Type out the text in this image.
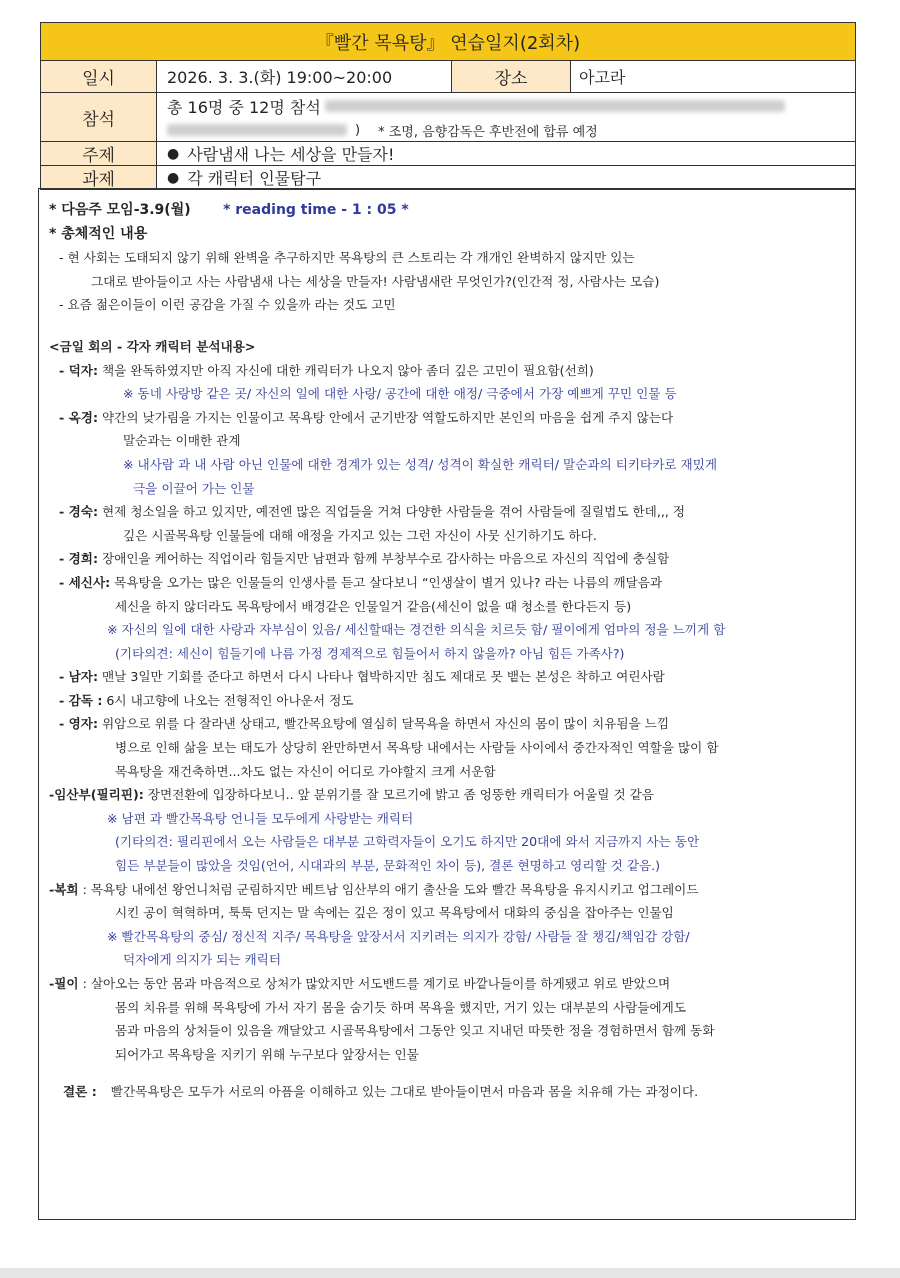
『빨간 목욕탕』 연습일지(2회차)
일시	2026. 3. 3.(화) 19:00~20:00	장소	아고라
참석
총 16명 중 12명 참석
) * 조명, 음향감독은 후반전에 합류 예정
주제	● 사람냄새 나는 세상을 만들자!
과제	● 각 캐릭터 인물탐구
* 다음주 모임-3.9(월) * reading time - 1 : 05 *
* 총체적인 내용
- 현 사회는 도태되지 않기 위해 완벽을 추구하지만 목욕탕의 큰 스토리는 각 개개인 완벽하지 않지만 있는
그대로 받아들이고 사는 사람냄새 나는 세상을 만들자! 사람냄새란 무엇인가?(인간적 정, 사람사는 모습)
- 요즘 젊은이들이 이런 공감을 가질 수 있을까 라는 것도 고민
<금일 회의 - 각자 캐릭터 분석내용>
- 덕자: 책을 완독하였지만 아직 자신에 대한 캐릭터가 나오지 않아 좀더 깊은 고민이 필요함(선희)
※ 동네 사랑방 같은 곳/ 자신의 일에 대한 사랑/ 공간에 대한 애정/ 극중에서 가장 예쁘게 꾸민 인물 등
- 옥경: 약간의 낮가림을 가지는 인물이고 목욕탕 안에서 군기반장 역할도하지만 본인의 마음을 쉽게 주지 않는다
말순과는 이매한 관계
※ 내사람 과 내 사람 아닌 인물에 대한 경계가 있는 성격/ 성격이 확실한 캐릭터/ 말순과의 티키타카로 재밌게
극을 이끌어 가는 인물
- 경숙: 현제 청소일을 하고 있지만, 예전엔 많은 직업들을 거쳐 다양한 사람들을 겪어 사람들에 질릴법도 한데,,, 정
깊은 시골목욕탕 인물들에 대해 애정을 가지고 있는 그런 자신이 사뭇 신기하기도 하다.
- 경희: 장애인을 케어하는 직업이라 힘들지만 남편과 함께 부창부수로 감사하는 마음으로 자신의 직업에 충실함
- 세신사: 목욕탕을 오가는 많은 인물들의 인생사를 듣고 살다보니 “인생살이 별거 있나? 라는 나름의 깨달음과
세신을 하지 않더라도 목욕탕에서 배경같은 인물일거 같음(세신이 없을 때 청소를 한다든지 등)
※ 자신의 일에 대한 사랑과 자부심이 있음/ 세신할때는 경건한 의식을 치르듯 함/ 필이에게 엄마의 정을 느끼게 함
(기타의견: 세신이 힘들기에 나름 가정 경제적으로 힘들어서 하지 않을까? 아님 힘든 가족사?)
- 남자: 맨날 3일만 기회를 준다고 하면서 다시 나타나 협박하지만 침도 제대로 못 뱉는 본성은 착하고 여린사람
- 감독 : 6시 내고향에 나오는 전형적인 아나운서 정도
- 영자: 위암으로 위를 다 잘라낸 상태고, 빨간목요탕에 열심히 달목욕을 하면서 자신의 몸이 많이 치유됨을 느낌
병으로 인해 삶을 보는 태도가 상당히 완만하면서 목욕탕 내에서는 사람들 사이에서 중간자적인 역할을 많이 함
목욕탕을 재건축하면...차도 없는 자신이 어디로 가야할지 크게 서운함
-임산부(필리핀): 장면전환에 입장하다보니.. 앞 분위기를 잘 모르기에 밝고 좀 엉뚱한 캐릭터가 어울릴 것 같음
※ 남편 과 빨간목욕탕 언니들 모두에게 사랑받는 캐릭터
(기타의견: 필리핀에서 오는 사람들은 대부분 고학력자들이 오기도 하지만 20대에 와서 지금까지 사는 동안
힘든 부분들이 많았을 것임(언어, 시대과의 부분, 문화적인 차이 등), 결론 현명하고 영리할 것 같음.)
-복희 : 목욕탕 내에선 왕언니처럼 군림하지만 베트남 임산부의 애기 출산을 도와 빨간 목욕탕을 유지시키고 업그레이드
시킨 공이 혁혁하며, 툭툭 던지는 말 속에는 깊은 정이 있고 목욕탕에서 대화의 중심을 잡아주는 인물임
※ 빨간목욕탕의 중심/ 정신적 지주/ 목욕탕을 앞장서서 지키려는 의지가 강함/ 사람들 잘 챙김/책임감 강함/
덕자에게 의지가 되는 캐릭터
-필이 : 살아오는 동안 몸과 마음적으로 상처가 많았지만 서도밴드를 계기로 바깥나들이를 하게됐고 위로 받았으며
몸의 치유를 위해 목욕탕에 가서 자기 몸을 숨기듯 하며 목욕을 했지만, 거기 있는 대부분의 사람들에게도
몸과 마음의 상처들이 있음을 깨달았고 시골목욕탕에서 그동안 잊고 지내던 따뜻한 정을 경험하면서 함께 동화
되어가고 목욕탕을 지키기 위해 누구보다 앞장서는 인물
결론 : 빨간목욕탕은 모두가 서로의 아픔을 이해하고 있는 그대로 받아들이면서 마음과 몸을 치유해 가는 과정이다.
